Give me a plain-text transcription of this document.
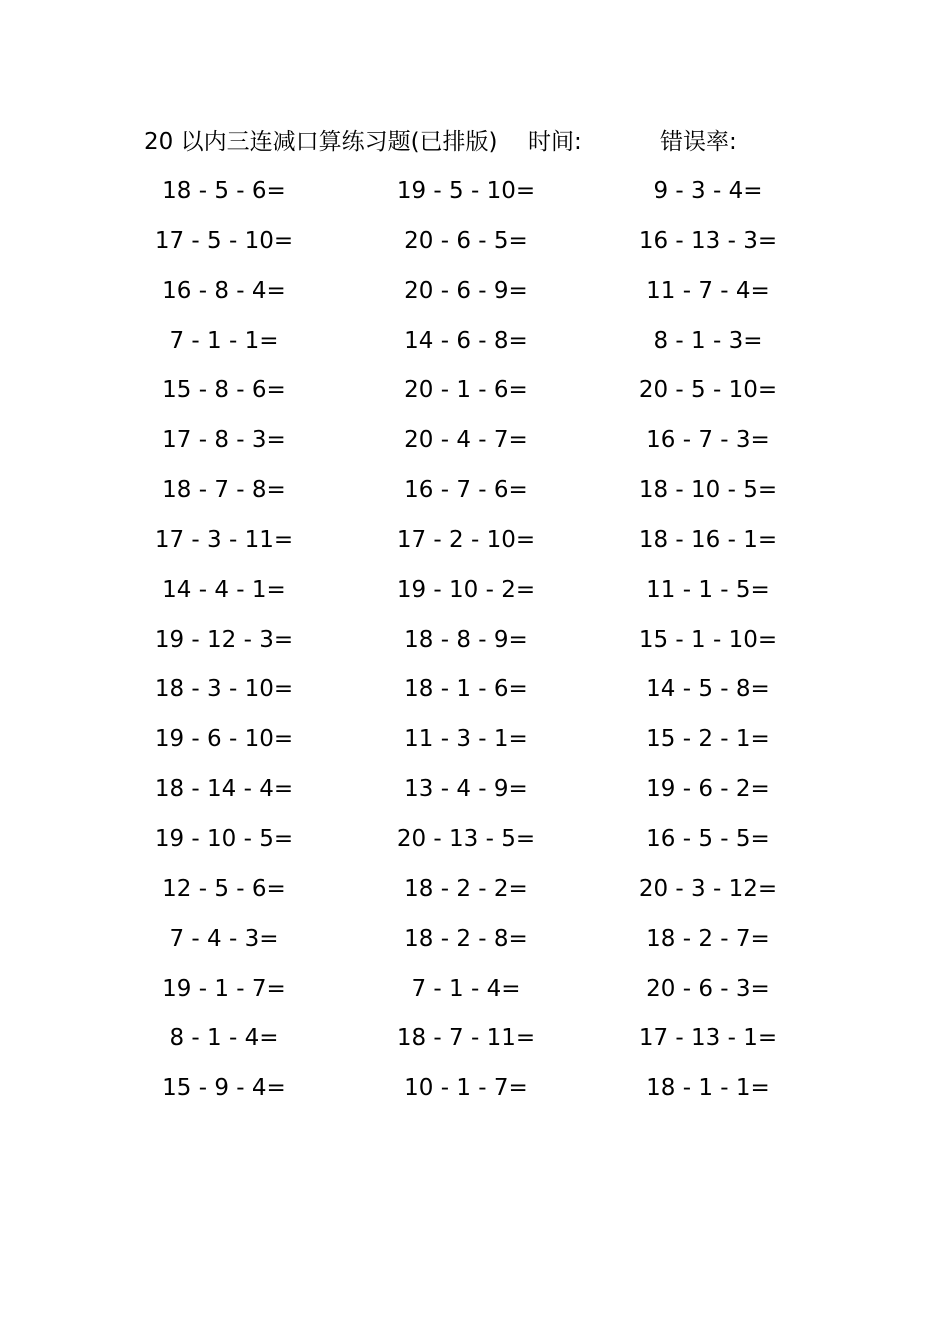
20 以内三连减口算练习题(已排版) 时间:	错误率:
18 - 5 - 6=	19 - 5 - 10=	9 - 3 - 4=
17 - 5 - 10=	20 - 6 - 5=	16 - 13 - 3=
16 - 8 - 4=	20 - 6 - 9=	11 - 7 - 4=
7 - 1 - 1=	14 - 6 - 8=	8 - 1 - 3=
15 - 8 - 6=	20 - 1 - 6=	20 - 5 - 10=
17 - 8 - 3=	20 - 4 - 7=	16 - 7 - 3=
18 - 7 - 8=	16 - 7 - 6=	18 - 10 - 5=
17 - 3 - 11=	17 - 2 - 10=	18 - 16 - 1=
14 - 4 - 1=	19 - 10 - 2=	11 - 1 - 5=
19 - 12 - 3=	18 - 8 - 9=	15 - 1 - 10=
18 - 3 - 10=	18 - 1 - 6=	14 - 5 - 8=
19 - 6 - 10=	11 - 3 - 1=	15 - 2 - 1=
18 - 14 - 4=	13 - 4 - 9=	19 - 6 - 2=
19 - 10 - 5=	20 - 13 - 5=	16 - 5 - 5=
12 - 5 - 6=	18 - 2 - 2=	20 - 3 - 12=
7 - 4 - 3=	18 - 2 - 8=	18 - 2 - 7=
19 - 1 - 7=	7 - 1 - 4=	20 - 6 - 3=
8 - 1 - 4=	18 - 7 - 11=	17 - 13 - 1=
15 - 9 - 4=	10 - 1 - 7=	18 - 1 - 1=
